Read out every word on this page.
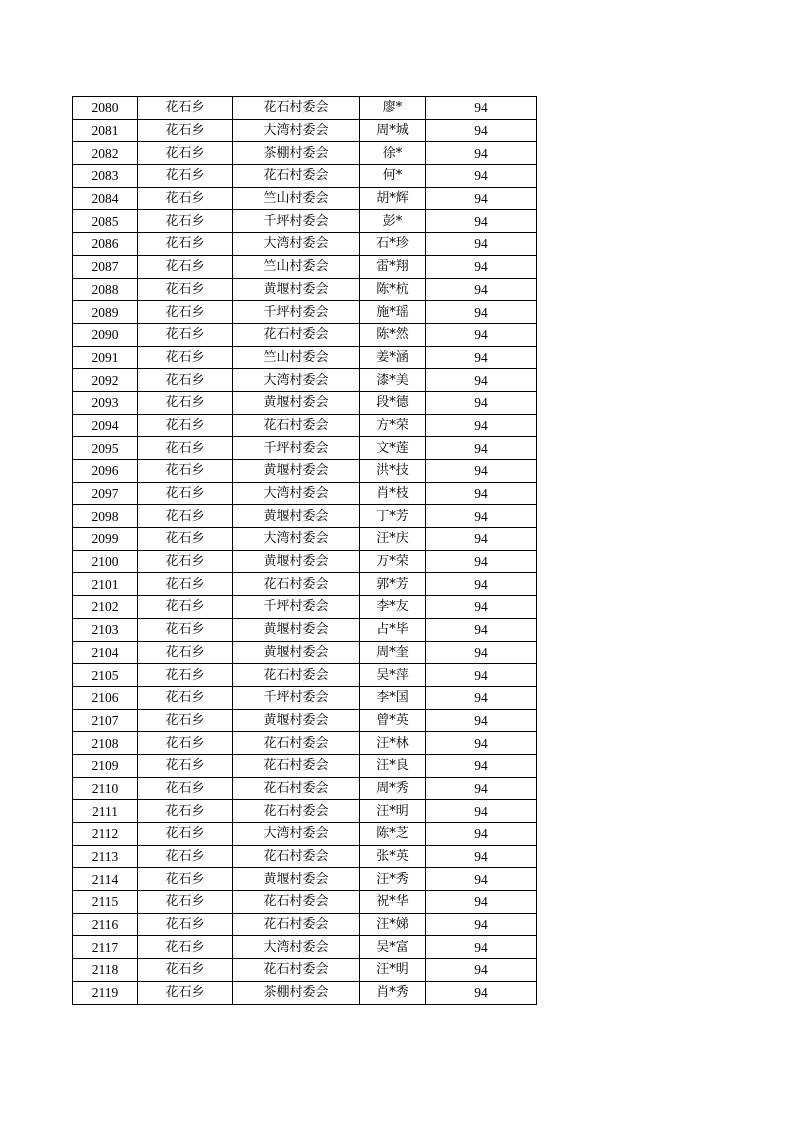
2080	花石乡	花石村委会	廖*	94
2081	花石乡	大湾村委会	周*城	94
2082	花石乡	茶棚村委会	徐*	94
2083	花石乡	花石村委会	何*	94
2084	花石乡	竺山村委会	胡*辉	94
2085	花石乡	千坪村委会	彭*	94
2086	花石乡	大湾村委会	石*珍	94
2087	花石乡	竺山村委会	雷*翔	94
2088	花石乡	黄堰村委会	陈*杭	94
2089	花石乡	千坪村委会	施*瑶	94
2090	花石乡	花石村委会	陈*然	94
2091	花石乡	竺山村委会	姜*涵	94
2092	花石乡	大湾村委会	漆*美	94
2093	花石乡	黄堰村委会	段*德	94
2094	花石乡	花石村委会	方*荣	94
2095	花石乡	千坪村委会	文*莲	94
2096	花石乡	黄堰村委会	洪*技	94
2097	花石乡	大湾村委会	肖*枝	94
2098	花石乡	黄堰村委会	丁*芳	94
2099	花石乡	大湾村委会	汪*庆	94
2100	花石乡	黄堰村委会	万*荣	94
2101	花石乡	花石村委会	郭*芳	94
2102	花石乡	千坪村委会	李*友	94
2103	花石乡	黄堰村委会	占*毕	94
2104	花石乡	黄堰村委会	周*奎	94
2105	花石乡	花石村委会	吴*萍	94
2106	花石乡	千坪村委会	李*国	94
2107	花石乡	黄堰村委会	曾*英	94
2108	花石乡	花石村委会	汪*林	94
2109	花石乡	花石村委会	汪*良	94
2110	花石乡	花石村委会	周*秀	94
2111	花石乡	花石村委会	汪*明	94
2112	花石乡	大湾村委会	陈*芝	94
2113	花石乡	花石村委会	张*英	94
2114	花石乡	黄堰村委会	汪*秀	94
2115	花石乡	花石村委会	祝*华	94
2116	花石乡	花石村委会	汪*娣	94
2117	花石乡	大湾村委会	吴*富	94
2118	花石乡	花石村委会	汪*明	94
2119	花石乡	茶棚村委会	肖*秀	94
